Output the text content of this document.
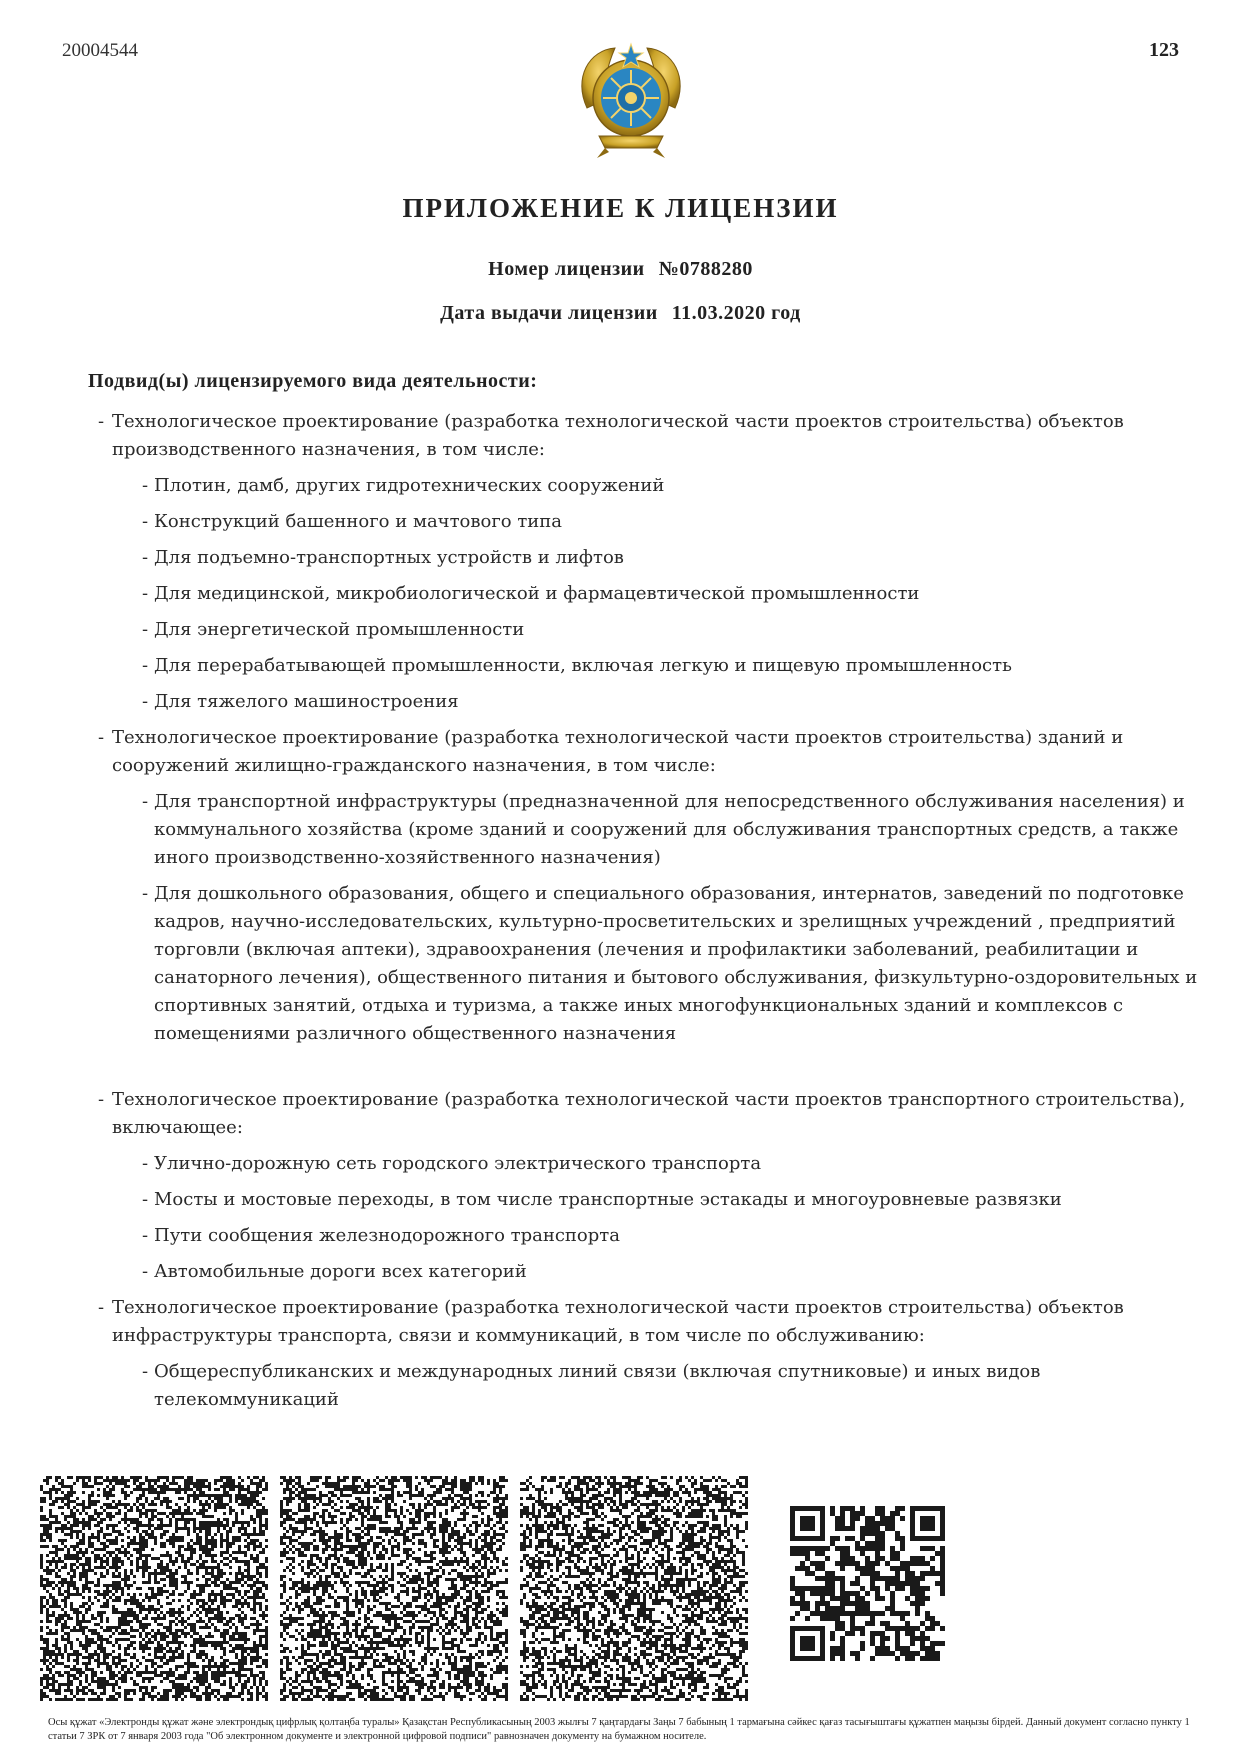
20004544	123
ПРИЛОЖЕНИЕ К ЛИЦЕНЗИИ
Номер лицензии №0788280
Дата выдачи лицензии 11.03.2020 год
Подвид(ы) лицензируемого вида деятельности:
- Технологическое проектирование (разработка технологической части проектов строительства) объектов производственного назначения, в том числе:
- Плотин, дамб, других гидротехнических сооружений
- Конструкций башенного и мачтового типа
- Для подъемно-транспортных устройств и лифтов
- Для медицинской, микробиологической и фармацевтической промышленности
- Для энергетической промышленности
- Для перерабатывающей промышленности, включая легкую и пищевую промышленность
- Для тяжелого машиностроения
- Технологическое проектирование (разработка технологической части проектов строительства) зданий и сооружений жилищно-гражданского назначения, в том числе:
- Для транспортной инфраструктуры (предназначенной для непосредственного обслуживания населения) и коммунального хозяйства (кроме зданий и сооружений для обслуживания транспортных средств, а также иного производственно-хозяйственного назначения)
- Для дошкольного образования, общего и специального образования, интернатов, заведений по подготовке кадров, научно-исследовательских, культурно-просветительских и зрелищных учреждений , предприятий торговли (включая аптеки), здравоохранения (лечения и профилактики заболеваний, реабилитации и санаторного лечения), общественного питания и бытового обслуживания, физкультурно-оздоровительных и спортивных занятий, отдыха и туризма, а также иных многофункциональных зданий и комплексов с помещениями различного общественного назначения
- Технологическое проектирование (разработка технологической части проектов транспортного строительства), включающее:
- Улично-дорожную сеть городского электрического транспорта
- Мосты и мостовые переходы, в том числе транспортные эстакады и многоуровневые развязки
- Пути сообщения железнодорожного транспорта
- Автомобильные дороги всех категорий
- Технологическое проектирование (разработка технологической части проектов строительства) объектов инфраструктуры транспорта, связи и коммуникаций, в том числе по обслуживанию:
- Общереспубликанских и международных линий связи (включая спутниковые) и иных видов телекоммуникаций
Осы құжат «Электронды құжат және электрондық цифрлық қолтаңба туралы» Қазақстан Республикасының 2003 жылғы 7 қаңтардағы Заңы 7 бабының 1 тармағына сәйкес қағаз тасығыштағы құжатпен маңызы бірдей. Данный документ согласно пункту 1 статьи 7 ЗРК от 7 января 2003 года "Об электронном документе и электронной цифровой подписи" равнозначен документу на бумажном носителе.
